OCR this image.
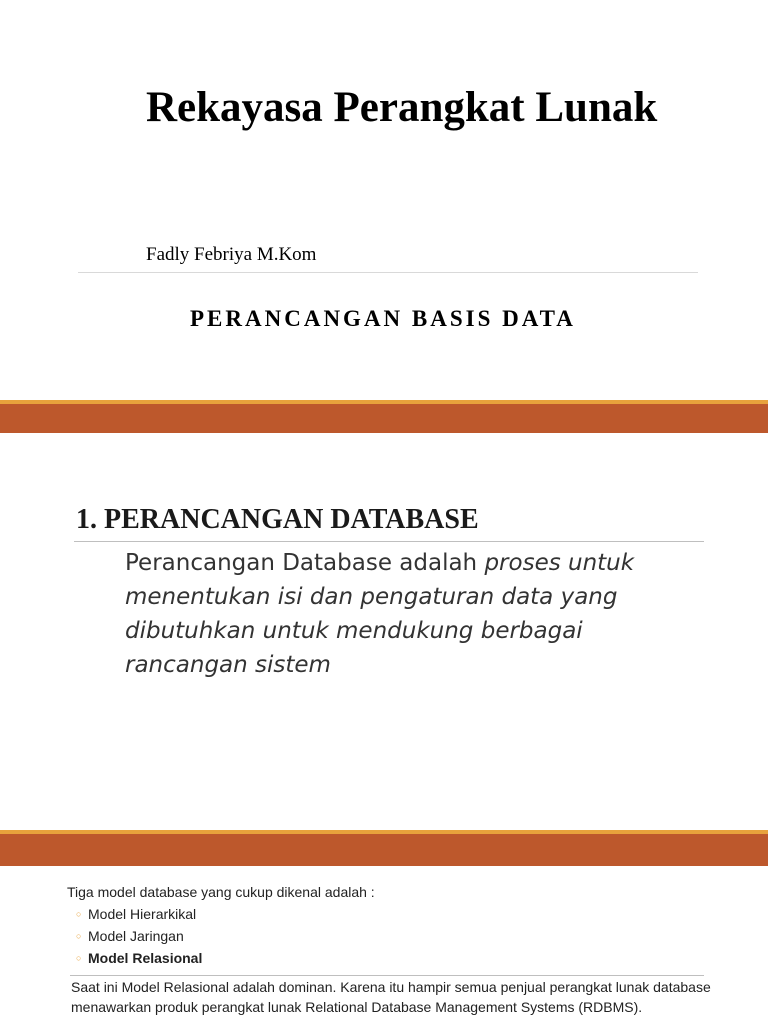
Rekayasa Perangkat Lunak
Fadly Febriya M.Kom
PERANCANGAN BASIS DATA
1. PERANCANGAN DATABASE

Perancangan Database adalah proses untuk menentukan isi dan pengaturan data yang dibutuhkan untuk mendukung berbagai rancangan sistem

Tiga model database yang cukup dikenal adalah :
○ Model Hierarkikal
○ Model Jaringan
○ Model Relasional

Saat ini Model Relasional adalah dominan. Karena itu hampir semua penjual perangkat lunak database menawarkan produk perangkat lunak Relational Database Management Systems (RDBMS).
